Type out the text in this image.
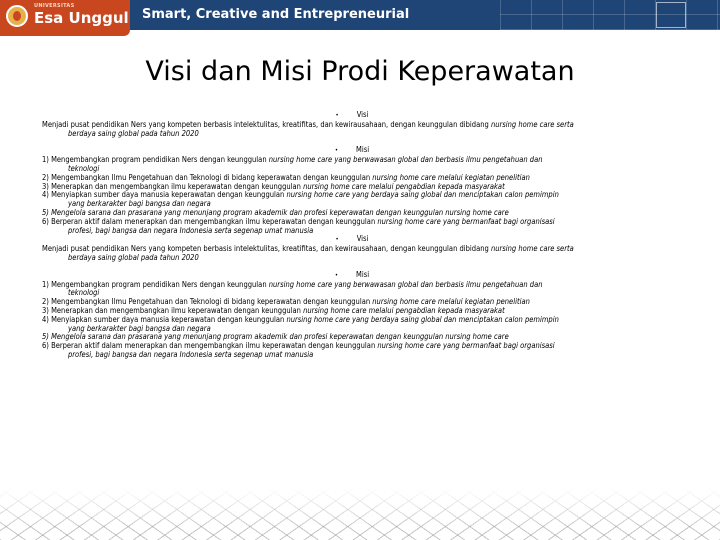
UNIVERSITAS
Esa Unggul Smart, Creative and Entrepreneurial
Visi dan Misi Prodi Keperawatan
• Visi
Menjadi pusat pendidikan Ners yang kompeten berbasis intelektulitas, kreatifitas, dan kewirausahaan, dengan keunggulan dibidang nursing home care serta
berdaya saing global pada tahun 2020
• Misi
1) Mengembangkan program pendidikan Ners dengan keunggulan nursing home care yang berwawasan global dan berbasis ilmu pengetahuan dan
teknologi
2) Mengembangkan Ilmu Pengetahuan dan Teknologi di bidang keperawatan dengan keunggulan nursing home care melalui kegiatan penelitian
3) Menerapkan dan mengembangkan ilmu keperawatan dengan keunggulan nursing home care melalui pengabdian kepada masyarakat
4) Menyiapkan sumber daya manusia keperawatan dengan keunggulan nursing home care yang berdaya saing global dan menciptakan calon pemimpin
yang berkarakter bagi bangsa dan negara
5) Mengelola sarana dan prasarana yang menunjang program akademik dan profesi keperawatan dengan keunggulan nursing home care
6) Berperan aktif dalam menerapkan dan mengembangkan ilmu keperawatan dengan keunggulan nursing home care yang bermanfaat bagi organisasi
profesi, bagi bangsa dan negara Indonesia serta segenap umat manusia
• Visi
Menjadi pusat pendidikan Ners yang kompeten berbasis intelektulitas, kreatifitas, dan kewirausahaan, dengan keunggulan dibidang nursing home care serta
berdaya saing global pada tahun 2020
• Misi
1) Mengembangkan program pendidikan Ners dengan keunggulan nursing home care yang berwawasan global dan berbasis ilmu pengetahuan dan
teknologi
2) Mengembangkan Ilmu Pengetahuan dan Teknologi di bidang keperawatan dengan keunggulan nursing home care melalui kegiatan penelitian
3) Menerapkan dan mengembangkan ilmu keperawatan dengan keunggulan nursing home care melalui pengabdian kepada masyarakat
4) Menyiapkan sumber daya manusia keperawatan dengan keunggulan nursing home care yang berdaya saing global dan menciptakan calon pemimpin
yang berkarakter bagi bangsa dan negara
5) Mengelola sarana dan prasarana yang menunjang program akademik dan profesi keperawatan dengan keunggulan nursing home care
6) Berperan aktif dalam menerapkan dan mengembangkan ilmu keperawatan dengan keunggulan nursing home care yang bermanfaat bagi organisasi
profesi, bagi bangsa dan negara Indonesia serta segenap umat manusia
